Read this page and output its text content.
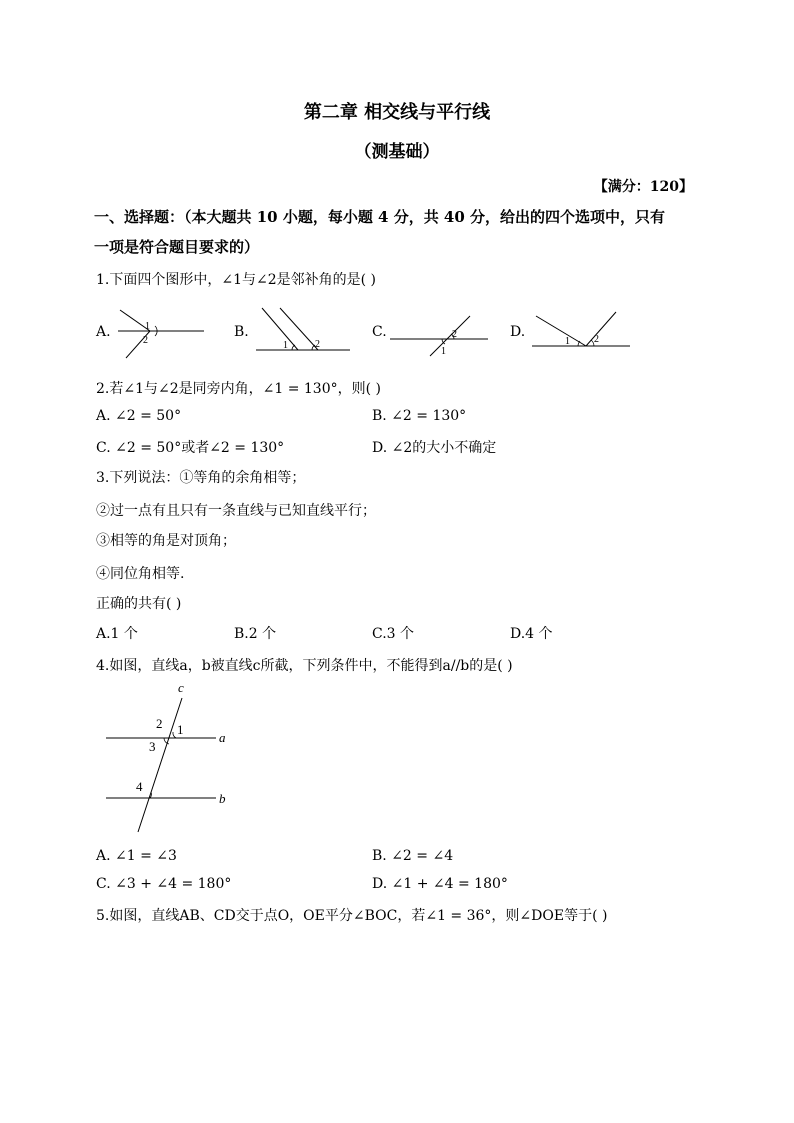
第二章 相交线与平行线
（测基础）
【满分：120】
一、选择题：（本大题共 10 小题，每小题 4 分，共 40 分，给出的四个选项中，只有
一项是符合题目要求的）
1.下面四个图形中，∠1与∠2是邻补角的是( )
A.	1
2
B.
1	2
C.	2
1
D.
1 2
2.若∠1与∠2是同旁内角，∠1 = 130°，则( )
A. ∠2 = 50°	B. ∠2 = 130°
C. ∠2 = 50°或者∠2 = 130°	D. ∠2的大小不确定
3.下列说法：①等角的余角相等；
②过一点有且只有一条直线与已知直线平行；
③相等的角是对顶角；
④同位角相等.
正确的共有( )
A.1 个	B.2 个	C.3 个	D.4 个
4.如图，直线a，b被直线c所截，下列条件中，不能得到a//b的是( )
c
2 1
3
a
4
b
A. ∠1 = ∠3	B. ∠2 = ∠4
C. ∠3 + ∠4 = 180°	D. ∠1 + ∠4 = 180°
5.如图，直线AB、CD交于点O，OE平分∠BOC，若∠1 = 36°，则∠DOE等于( )
